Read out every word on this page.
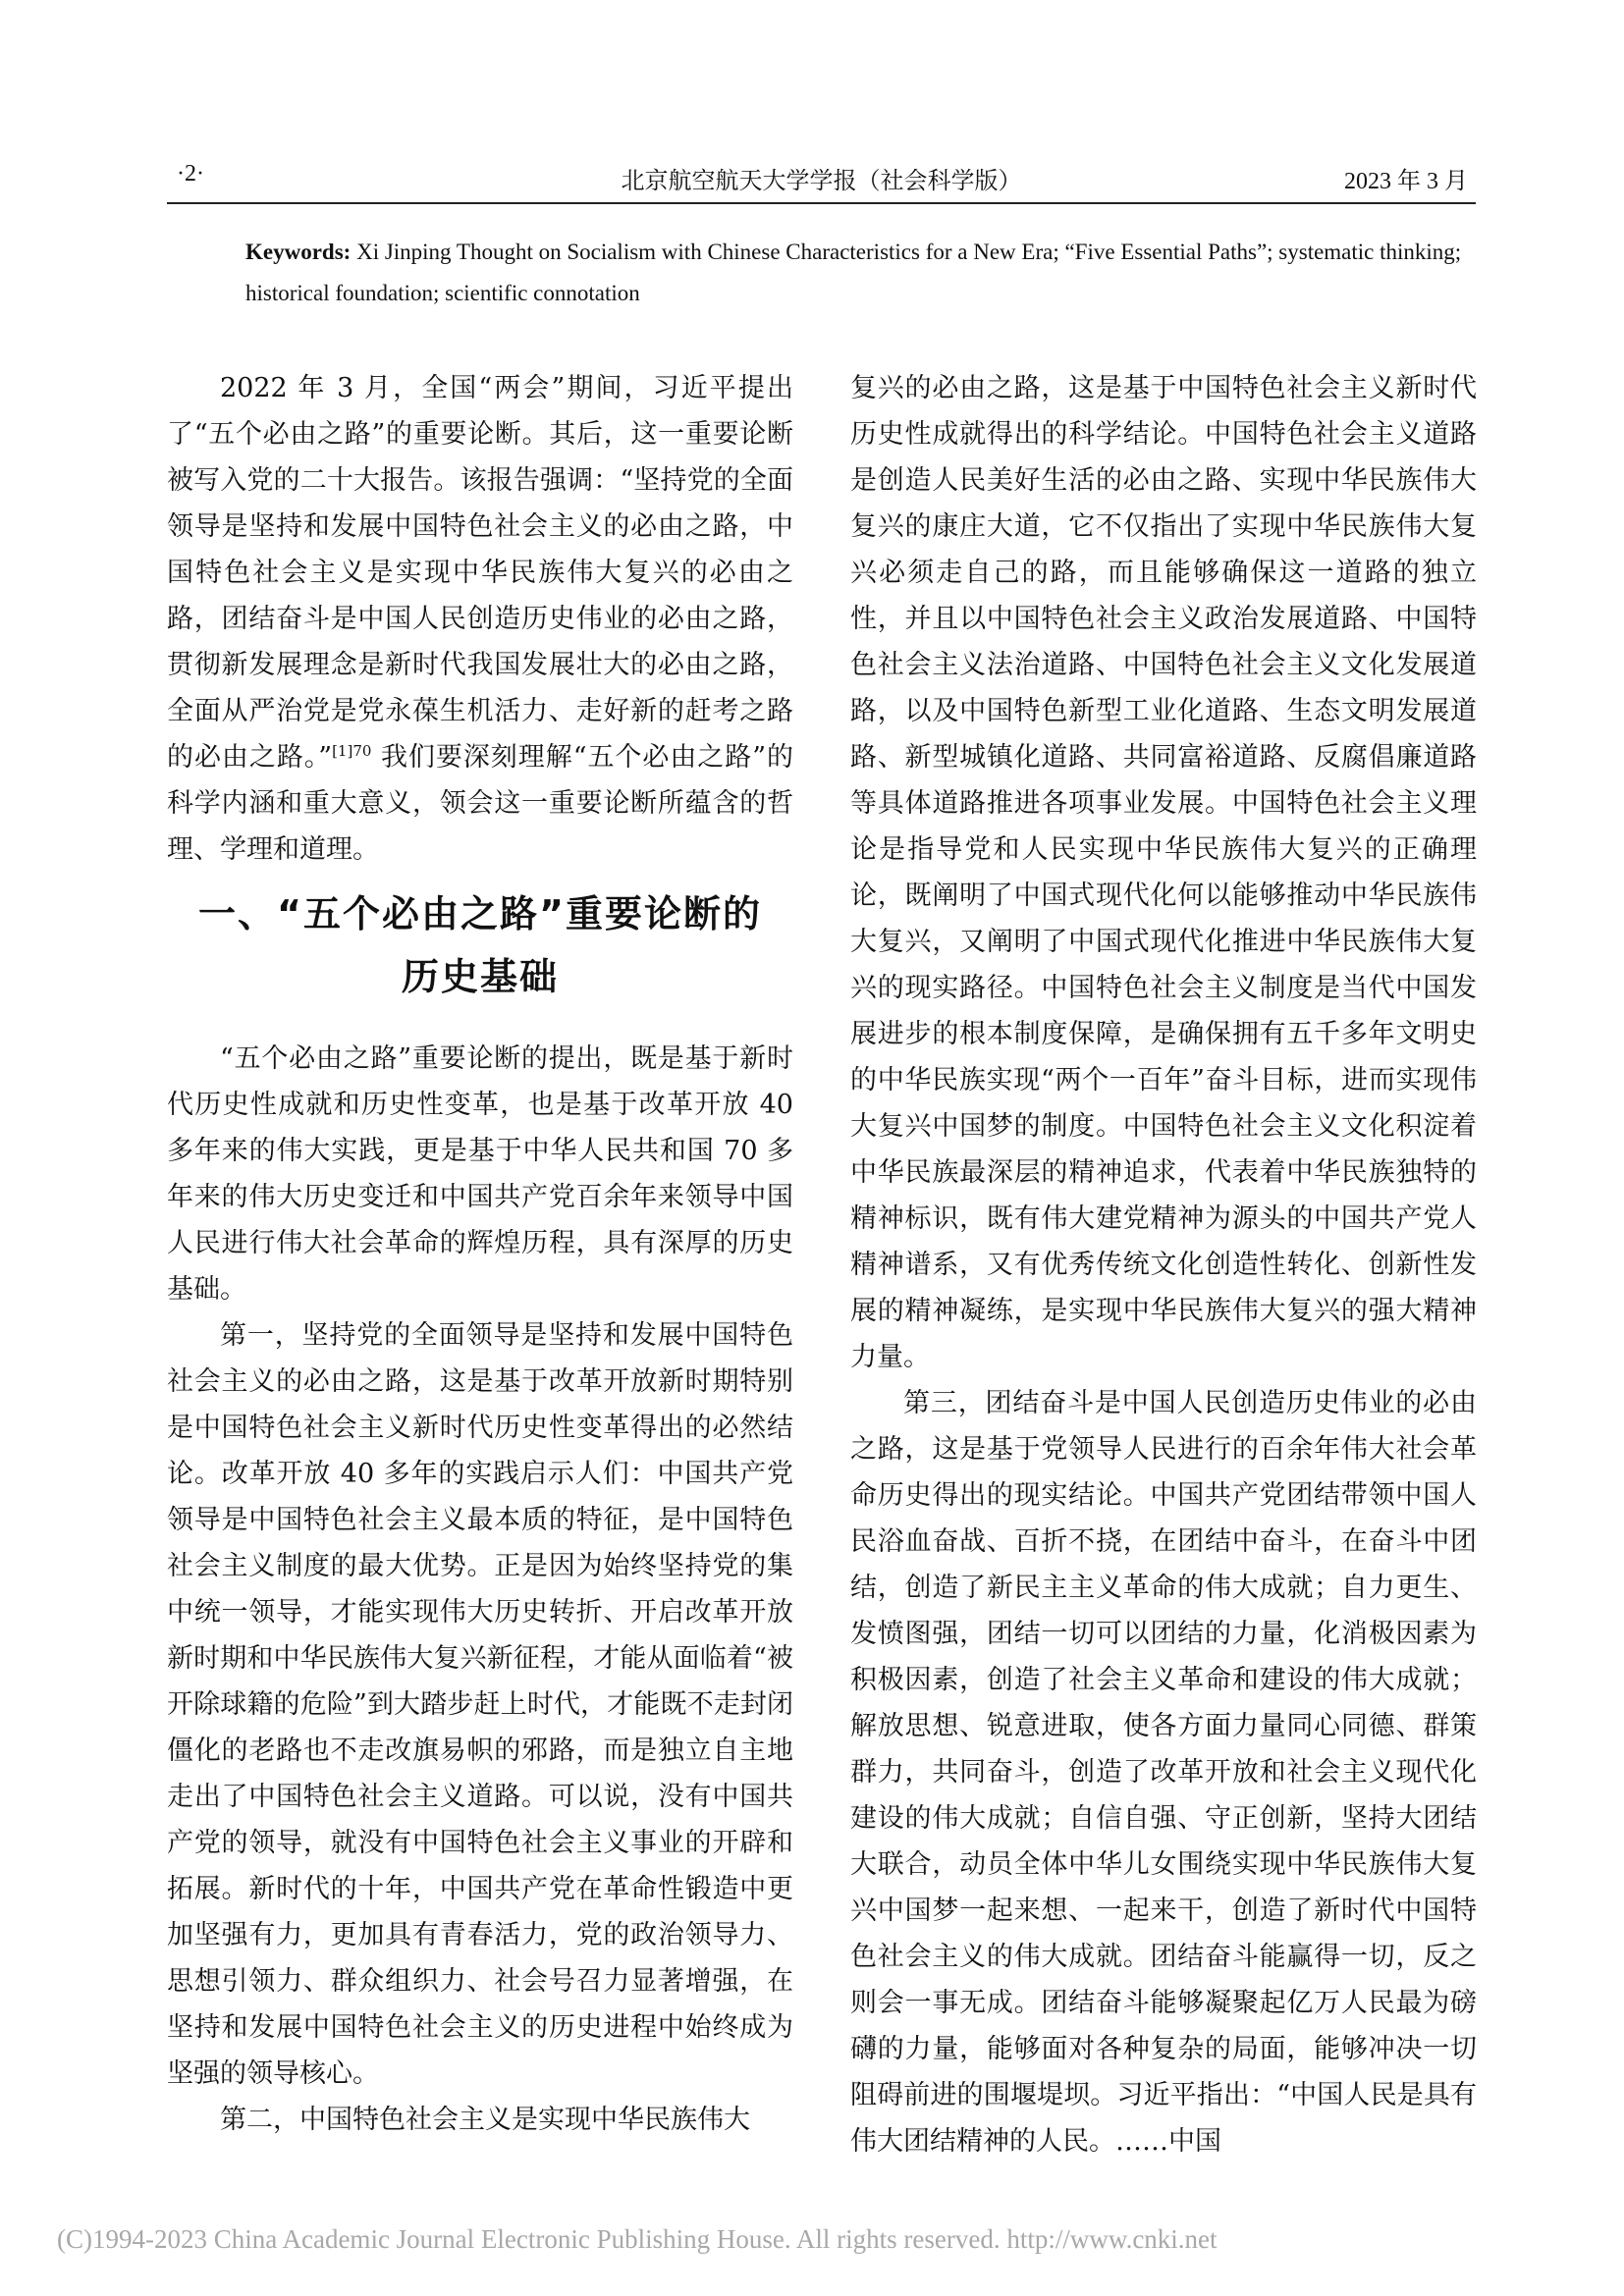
·2·	北京航空航天大学学报（社会科学版）	2023 年 3 月
Keywords: Xi Jinping Thought on Socialism with Chinese Characteristics for a New Era; “Five Essential Paths”; systematic thinking; historical foundation; scientific connotation

2022 年 3 月，全国“两会”期间，习近平提出了“五个必由之路”的重要论断。其后，这一重要论断被写入党的二十大报告。该报告强调：“坚持党的全面领导是坚持和发展中国特色社会主义的必由之路，中国特色社会主义是实现中华民族伟大复兴的必由之路，团结奋斗是中国人民创造历史伟业的必由之路，贯彻新发展理念是新时代我国发展壮大的必由之路，全面从严治党是党永葆生机活力、走好新的赶考之路的必由之路。”$^{[1]70}$ 我们要深刻理解“五个必由之路”的科学内涵和重大意义，领会这一重要论断所蕴含的哲理、学理和道理。

一、“五个必由之路”重要论断的
历史基础

“五个必由之路”重要论断的提出，既是基于新时代历史性成就和历史性变革，也是基于改革开放 40 多年来的伟大实践，更是基于中华人民共和国 70 多年来的伟大历史变迁和中国共产党百余年来领导中国人民进行伟大社会革命的辉煌历程，具有深厚的历史基础。

第一，坚持党的全面领导是坚持和发展中国特色社会主义的必由之路，这是基于改革开放新时期特别是中国特色社会主义新时代历史性变革得出的必然结论。改革开放 40 多年的实践启示人们：中国共产党领导是中国特色社会主义最本质的特征，是中国特色社会主义制度的最大优势。正是因为始终坚持党的集中统一领导，才能实现伟大历史转折、开启改革开放新时期和中华民族伟大复兴新征程，才能从面临着“被开除球籍的危险”到大踏步赶上时代，才能既不走封闭僵化的老路也不走改旗易帜的邪路，而是独立自主地走出了中国特色社会主义道路。可以说，没有中国共产党的领导，就没有中国特色社会主义事业的开辟和拓展。新时代的十年，中国共产党在革命性锻造中更加坚强有力，更加具有青春活力，党的政治领导力、思想引领力、群众组织力、社会号召力显著增强，在坚持和发展中国特色社会主义的历史进程中始终成为坚强的领导核心。

第二，中国特色社会主义是实现中华民族伟大

复兴的必由之路，这是基于中国特色社会主义新时代历史性成就得出的科学结论。中国特色社会主义道路是创造人民美好生活的必由之路、实现中华民族伟大复兴的康庄大道，它不仅指出了实现中华民族伟大复兴必须走自己的路，而且能够确保这一道路的独立性，并且以中国特色社会主义政治发展道路、中国特色社会主义法治道路、中国特色社会主义文化发展道路，以及中国特色新型工业化道路、生态文明发展道路、新型城镇化道路、共同富裕道路、反腐倡廉道路等具体道路推进各项事业发展。中国特色社会主义理论是指导党和人民实现中华民族伟大复兴的正确理论，既阐明了中国式现代化何以能够推动中华民族伟大复兴，又阐明了中国式现代化推进中华民族伟大复兴的现实路径。中国特色社会主义制度是当代中国发展进步的根本制度保障，是确保拥有五千多年文明史的中华民族实现“两个一百年”奋斗目标，进而实现伟大复兴中国梦的制度。中国特色社会主义文化积淀着中华民族最深层的精神追求，代表着中华民族独特的精神标识，既有伟大建党精神为源头的中国共产党人精神谱系，又有优秀传统文化创造性转化、创新性发展的精神凝练，是实现中华民族伟大复兴的强大精神力量。

第三，团结奋斗是中国人民创造历史伟业的必由之路，这是基于党领导人民进行的百余年伟大社会革命历史得出的现实结论。中国共产党团结带领中国人民浴血奋战、百折不挠，在团结中奋斗，在奋斗中团结，创造了新民主主义革命的伟大成就；自力更生、发愤图强，团结一切可以团结的力量，化消极因素为积极因素，创造了社会主义革命和建设的伟大成就；解放思想、锐意进取，使各方面力量同心同德、群策群力，共同奋斗，创造了改革开放和社会主义现代化建设的伟大成就；自信自强、守正创新，坚持大团结大联合，动员全体中华儿女围绕实现中华民族伟大复兴中国梦一起来想、一起来干，创造了新时代中国特色社会主义的伟大成就。团结奋斗能赢得一切，反之则会一事无成。团结奋斗能够凝聚起亿万人民最为磅礴的力量，能够面对各种复杂的局面，能够冲决一切阻碍前进的围堰堤坝。习近平指出：“中国人民是具有伟大团结精神的人民。……中国

(C)1994-2023 China Academic Journal Electronic Publishing House. All rights reserved. http://www.cnki.net
